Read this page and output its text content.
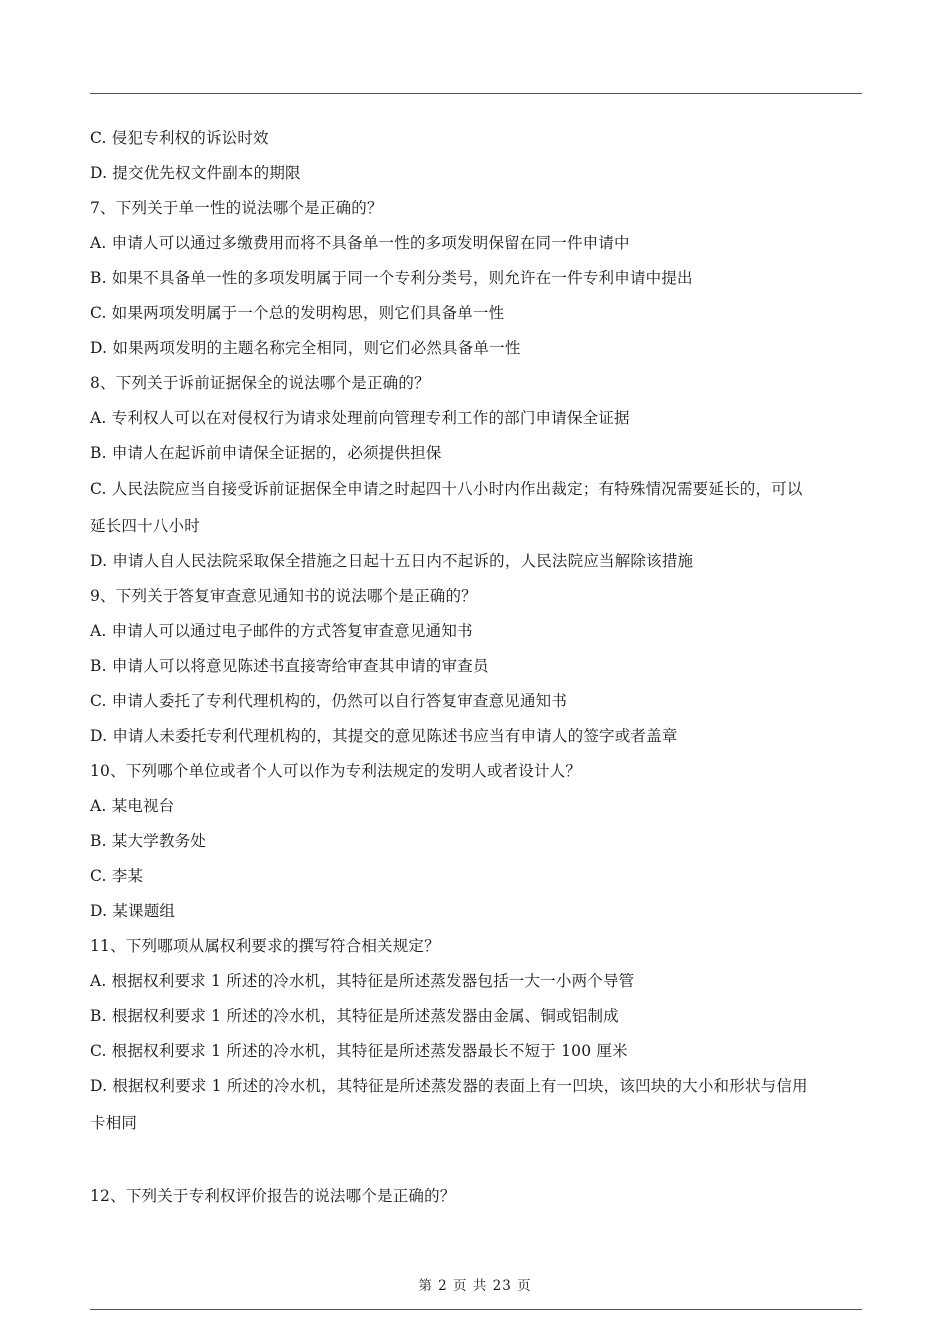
C. 侵犯专利权的诉讼时效
D. 提交优先权文件副本的期限
7、下列关于单一性的说法哪个是正确的？
A. 申请人可以通过多缴费用而将不具备单一性的多项发明保留在同一件申请中
B. 如果不具备单一性的多项发明属于同一个专利分类号，则允许在一件专利申请中提出
C. 如果两项发明属于一个总的发明构思，则它们具备单一性
D. 如果两项发明的主题名称完全相同，则它们必然具备单一性
8、下列关于诉前证据保全的说法哪个是正确的？
A. 专利权人可以在对侵权行为请求处理前向管理专利工作的部门申请保全证据
B. 申请人在起诉前申请保全证据的，必须提供担保
C. 人民法院应当自接受诉前证据保全申请之时起四十八小时内作出裁定；有特殊情况需要延长的，可以
延长四十八小时
D. 申请人自人民法院采取保全措施之日起十五日内不起诉的，人民法院应当解除该措施
9、下列关于答复审查意见通知书的说法哪个是正确的？
A. 申请人可以通过电子邮件的方式答复审查意见通知书
B. 申请人可以将意见陈述书直接寄给审查其申请的审查员
C. 申请人委托了专利代理机构的，仍然可以自行答复审查意见通知书
D. 申请人未委托专利代理机构的，其提交的意见陈述书应当有申请人的签字或者盖章
10、下列哪个单位或者个人可以作为专利法规定的发明人或者设计人？
A. 某电视台
B. 某大学教务处
C. 李某
D. 某课题组
11、下列哪项从属权利要求的撰写符合相关规定？
A. 根据权利要求 1 所述的冷水机，其特征是所述蒸发器包括一大一小两个导管
B. 根据权利要求 1 所述的冷水机，其特征是所述蒸发器由金属、铜或铝制成
C. 根据权利要求 1 所述的冷水机，其特征是所述蒸发器最长不短于 100 厘米
D. 根据权利要求 1 所述的冷水机，其特征是所述蒸发器的表面上有一凹块，该凹块的大小和形状与信用
卡相同
12、下列关于专利权评价报告的说法哪个是正确的？
第 2 页 共 23 页
